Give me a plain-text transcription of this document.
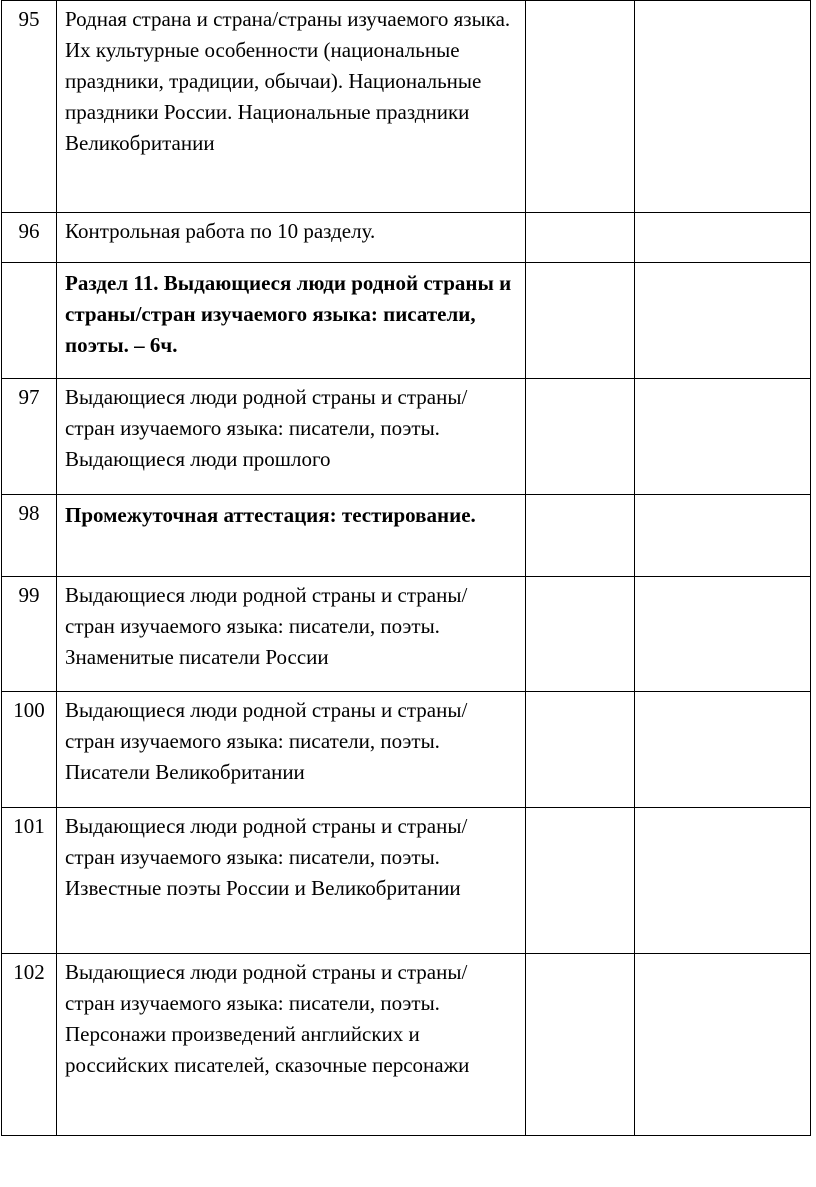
95	Родная страна и страна/страны изучаемого языка. Их культурные особенности (национальные праздники, традиции, обычаи). Национальные праздники России. Национальные праздники Великобритании		
96	Контрольная работа по 10 разделу.		
	Раздел 11. Выдающиеся люди родной страны и страны/стран изучаемого языка: писатели, поэты. – 6ч.		
97	Выдающиеся люди родной страны и страны/стран изучаемого языка: писатели, поэты. Выдающиеся люди прошлого		
98	Промежуточная аттестация: тестирование.		
99	Выдающиеся люди родной страны и страны/стран изучаемого языка: писатели, поэты. Знаменитые писатели России		
100	Выдающиеся люди родной страны и страны/стран изучаемого языка: писатели, поэты. Писатели Великобритании		
101	Выдающиеся люди родной страны и страны/стран изучаемого языка: писатели, поэты. Известные поэты России и Великобритании		
102	Выдающиеся люди родной страны и страны/стран изучаемого языка: писатели, поэты. Персонажи произведений английских и российских писателей, сказочные персонажи		
